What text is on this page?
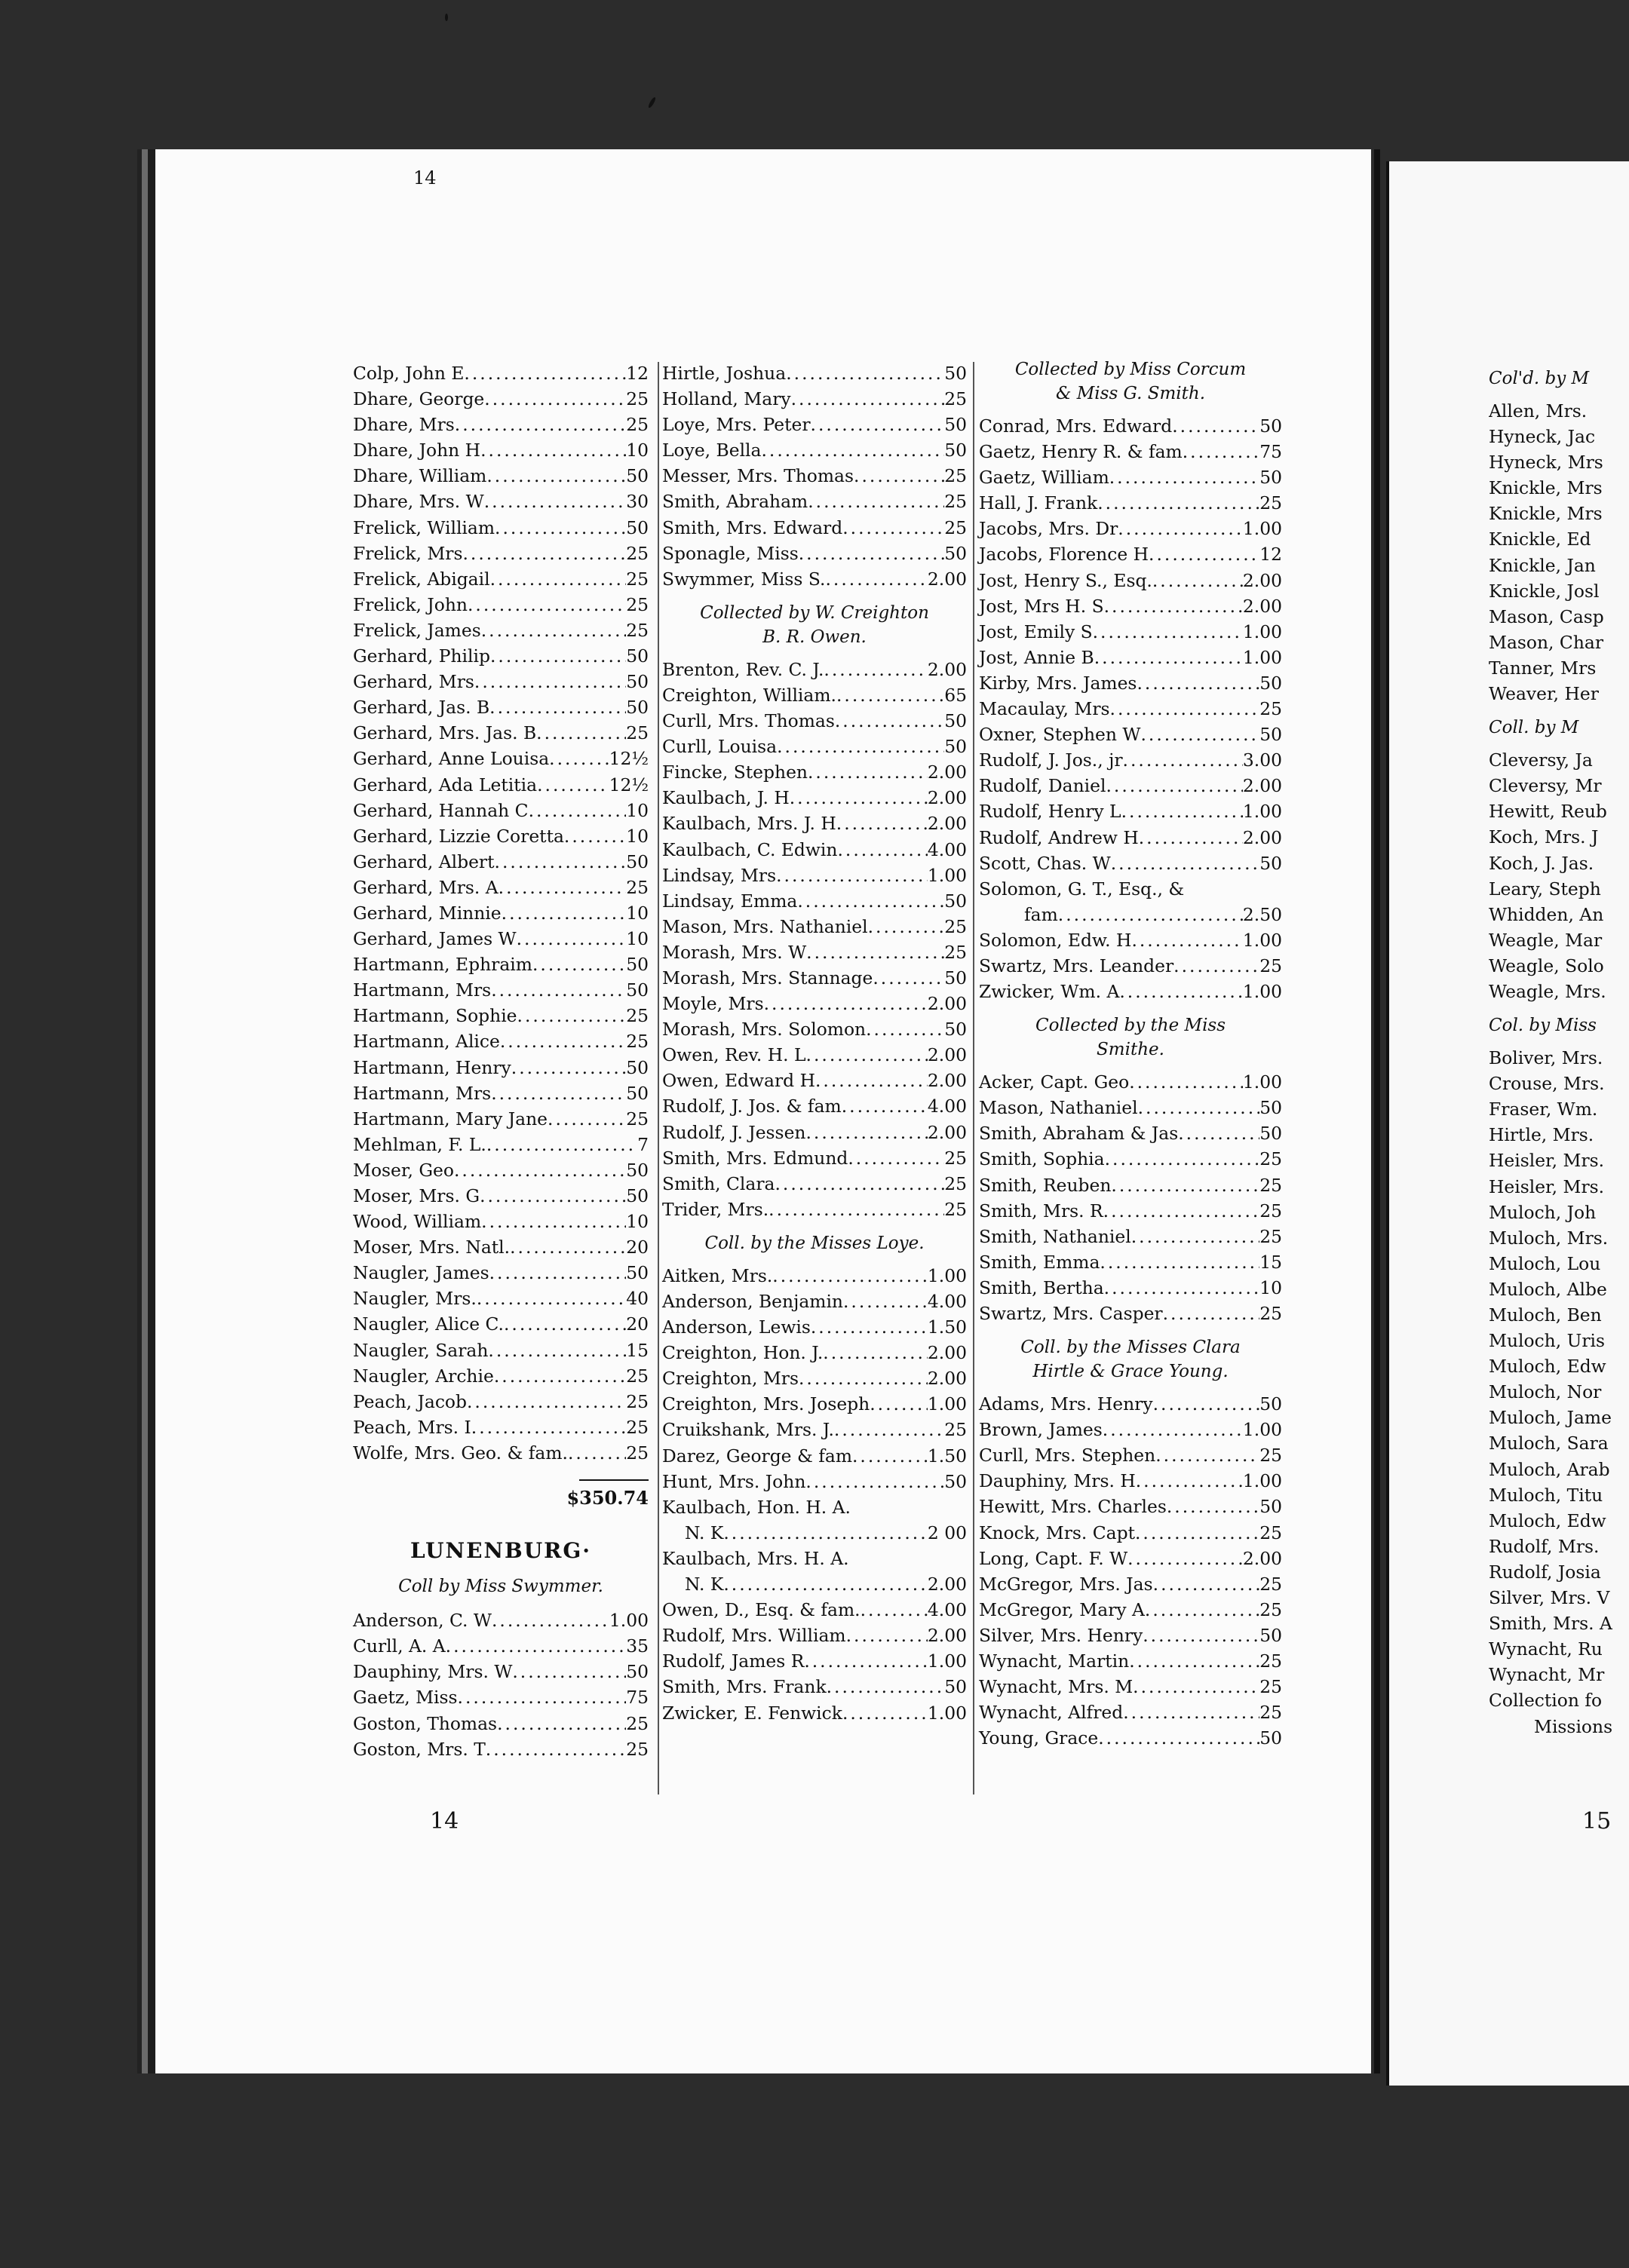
14
14	15
Colp, John E .....	12
Dhare, George .....	25
Dhare, Mrs .....	25
Dhare, John H .....	10
Dhare, William .....	50
Dhare, Mrs. W .....	30
Frelick, William .....	50
Frelick, Mrs .....	25
Frelick, Abigail .....	25
Frelick, John .....	25
Frelick, James .....	25
Gerhard, Philip .....	50
Gerhard, Mrs .....	50
Gerhard, Jas. B .....	50
Gerhard, Mrs. Jas. B .....	25
Gerhard, Anne Louisa .....	12½
Gerhard, Ada Letitia .....	12½
Gerhard, Hannah C .....	10
Gerhard, Lizzie Coretta .....	10
Gerhard, Albert .....	50
Gerhard, Mrs. A .....	25
Gerhard, Minnie .....	10
Gerhard, James W .....	10
Hartmann, Ephraim .....	50
Hartmann, Mrs .....	50
Hartmann, Sophie .....	25
Hartmann, Alice .....	25
Hartmann, Henry .....	50
Hartmann, Mrs .....	50
Hartmann, Mary Jane .....	25
Mehlman, F. L. .....	7
Moser, Geo .....	50
Moser, Mrs. G .....	50
Wood, William .....	10
Moser, Mrs. Natl. .....	20
Naugler, James .....	50
Naugler, Mrs. .....	40
Naugler, Alice C. .....	20
Naugler, Sarah .....	15
Naugler, Archie .....	25
Peach, Jacob .....	25
Peach, Mrs. I .....	25
Wolfe, Mrs. Geo. & fam. .....	25
$350.74
LUNENBURG·
Coll by Miss Swymmer.
Anderson, C. W .....	1.00
Curll, A. A .....	35
Dauphiny, Mrs. W .....	50
Gaetz, Miss .....	75
Goston, Thomas .....	25
Goston, Mrs. T .....	25
Hirtle, Joshua .....	50
Holland, Mary .....	25
Loye, Mrs. Peter .....	50
Loye, Bella .....	50
Messer, Mrs. Thomas .....	25
Smith, Abraham .....	25
Smith, Mrs. Edward .....	25
Sponagle, Miss .....	50
Swymmer, Miss S. .....	2.00
Collected by W. Creighton
B. R. Owen.
Brenton, Rev. C. J. .....	2.00
Creighton, William. .....	65
Curll, Mrs. Thomas .....	50
Curll, Louisa .....	50
Fincke, Stephen .....	2.00
Kaulbach, J. H .....	2.00
Kaulbach, Mrs. J. H .....	2.00
Kaulbach, C. Edwin .....	4.00
Lindsay, Mrs .....	1.00
Lindsay, Emma .....	50
Mason, Mrs. Nathaniel .....	25
Morash, Mrs. W .....	25
Morash, Mrs. Stannage .....	50
Moyle, Mrs .....	2.00
Morash, Mrs. Solomon .....	50
Owen, Rev. H. L .....	2.00
Owen, Edward H .....	2.00
Rudolf, J. Jos. & fam .....	4.00
Rudolf, J. Jessen .....	2.00
Smith, Mrs. Edmund .....	25
Smith, Clara .....	25
Trider, Mrs. .....	25
Coll. by the Misses Loye.
Aitken, Mrs. .....	1.00
Anderson, Benjamin .....	4.00
Anderson, Lewis .....	1.50
Creighton, Hon. J. .....	2.00
Creighton, Mrs .....	2.00
Creighton, Mrs. Joseph .....	1.00
Cruikshank, Mrs. J. .....	25
Darez, George & fam .....	1.50
Hunt, Mrs. John .....	50
Kaulbach, Hon. H. A.
N. K .....	2 00
Kaulbach, Mrs. H. A.
N. K .....	2.00
Owen, D., Esq. & fam. .....	4.00
Rudolf, Mrs. William .....	2.00
Rudolf, James R .....	1.00
Smith, Mrs. Frank .....	50
Zwicker, E. Fenwick .....	1.00
Collected by Miss Corcum
& Miss G. Smith.
Conrad, Mrs. Edward .....	50
Gaetz, Henry R. & fam .....	75
Gaetz, William .....	50
Hall, J. Frank .....	25
Jacobs, Mrs. Dr .....	1.00
Jacobs, Florence H .....	12
Jost, Henry S., Esq. .....	2.00
Jost, Mrs H. S .....	2.00
Jost, Emily S .....	1.00
Jost, Annie B .....	1.00
Kirby, Mrs. James .....	50
Macaulay, Mrs .....	25
Oxner, Stephen W .....	50
Rudolf, J. Jos., jr .....	3.00
Rudolf, Daniel .....	2.00
Rudolf, Henry L .....	1.00
Rudolf, Andrew H .....	2.00
Scott, Chas. W .....	50
Solomon, G. T., Esq., &
fam .....	2.50
Solomon, Edw. H .....	1.00
Swartz, Mrs. Leander .....	25
Zwicker, Wm. A .....	1.00
Collected by the Miss
Smithe.
Acker, Capt. Geo .....	1.00
Mason, Nathaniel .....	50
Smith, Abraham & Jas .....	50
Smith, Sophia .....	25
Smith, Reuben .....	25
Smith, Mrs. R .....	25
Smith, Nathaniel .....	25
Smith, Emma .....	15
Smith, Bertha .....	10
Swartz, Mrs. Casper .....	25
Coll. by the Misses Clara
Hirtle & Grace Young.
Adams, Mrs. Henry .....	50
Brown, James .....	1.00
Curll, Mrs. Stephen .....	25
Dauphiny, Mrs. H .....	1.00
Hewitt, Mrs. Charles .....	50
Knock, Mrs. Capt .....	25
Long, Capt. F. W .....	2.00
McGregor, Mrs. Jas .....	25
McGregor, Mary A .....	25
Silver, Mrs. Henry .....	50
Wynacht, Martin .....	25
Wynacht, Mrs. M .....	25
Wynacht, Alfred .....	25
Young, Grace .....	50
Col'd. by M
Allen, Mrs.
Hyneck, Jac
Hyneck, Mrs
Knickle, Mrs
Knickle, Mrs
Knickle, Ed
Knickle, Jan
Knickle, Josl
Mason, Casp
Mason, Char
Tanner, Mrs
Weaver, Her
Coll. by M
Cleversy, Ja
Cleversy, Mr
Hewitt, Reub
Koch, Mrs. J
Koch, J. Jas.
Leary, Steph
Whidden, An
Weagle, Mar
Weagle, Solo
Weagle, Mrs.
Col. by Miss
Boliver, Mrs.
Crouse, Mrs.
Fraser, Wm.
Hirtle, Mrs.
Heisler, Mrs.
Heisler, Mrs.
Muloch, Joh
Muloch, Mrs.
Muloch, Lou
Muloch, Albe
Muloch, Ben
Muloch, Uris
Muloch, Edw
Muloch, Nor
Muloch, Jame
Muloch, Sara
Muloch, Arab
Muloch, Titu
Muloch, Edw
Rudolf, Mrs.
Rudolf, Josia
Silver, Mrs. V
Smith, Mrs. A
Wynacht, Ru
Wynacht, Mr
Collection fo
Missions
